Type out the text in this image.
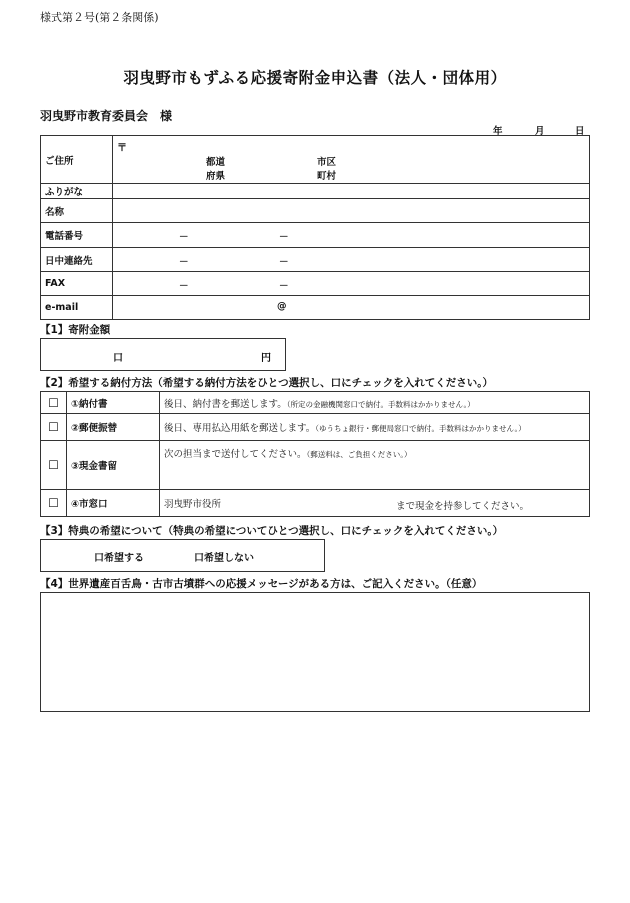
様式第２号(第２条関係)
羽曳野市もずふる応援寄附金申込書（法人・団体用）
羽曳野市教育委員会　様
年	月	日
ご住所	〒
都道
府県
市区
町村

ふりがな	
名称	
電話番号	－ －

日中連絡先	－ －

FAX	－ －

e-mail	@
【1】寄附金額
口	円
【2】希望する納付方法（希望する納付方法をひとつ選択し、口にチェックを入れてください。）
☐	①納付書	後日、納付書を郵送します。（所定の金融機関窓口で納付。手数料はかかりません。）
☐	②郵便振替	後日、専用払込用紙を郵送します。（ゆうちょ銀行・郵便局窓口で納付。手数料はかかりません。）
☐	③現金書留	次の担当まで送付してください。（郵送料は、ご負担ください。）
☐	④市窓口	羽曳野市役所 まで現金を持参してください。
【3】特典の希望について（特典の希望についてひとつ選択し、口にチェックを入れてください。）
口希望する	口希望しない
【4】世界遺産百舌鳥・古市古墳群への応援メッセージがある方は、ご記入ください。（任意）
